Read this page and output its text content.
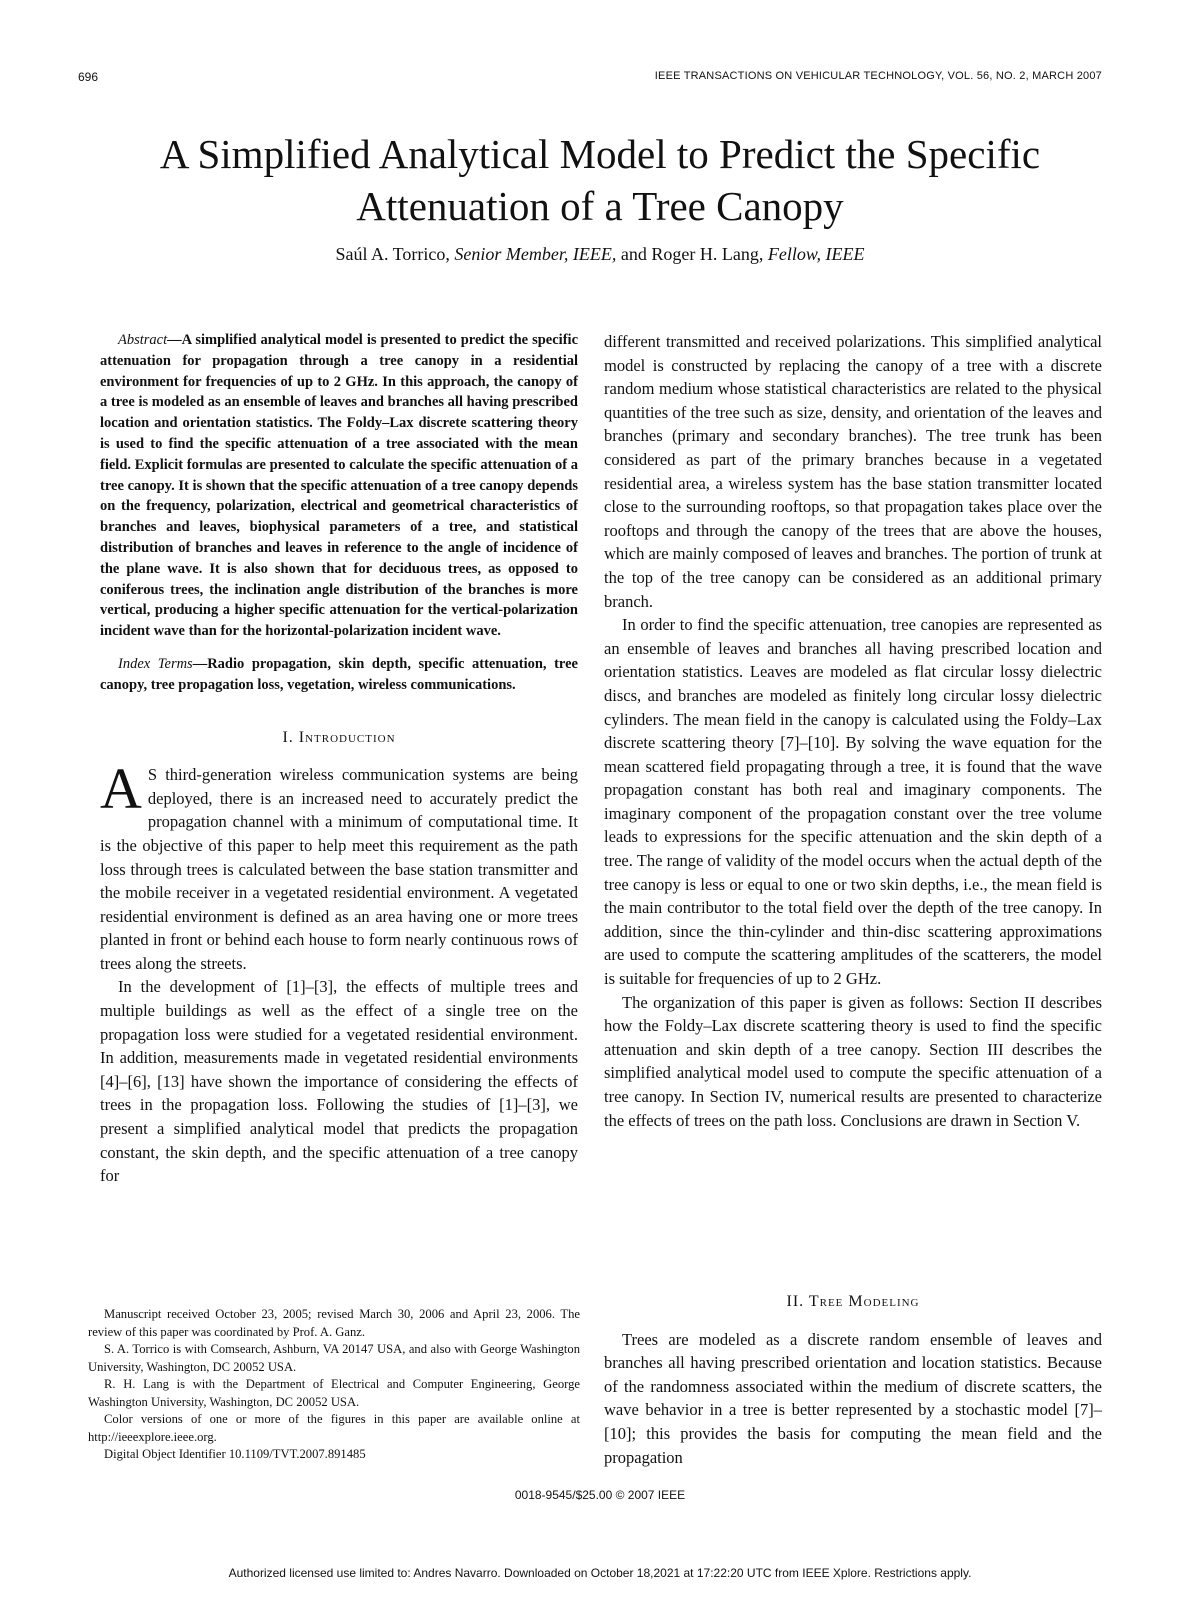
696	IEEE TRANSACTIONS ON VEHICULAR TECHNOLOGY, VOL. 56, NO. 2, MARCH 2007
A Simplified Analytical Model to Predict the Specific
Attenuation of a Tree Canopy
Saúl A. Torrico, Senior Member, IEEE, and Roger H. Lang, Fellow, IEEE

Abstract—A simplified analytical model is presented to predict the specific attenuation for propagation through a tree canopy in a residential environment for frequencies of up to 2 GHz. In this approach, the canopy of a tree is modeled as an ensemble of leaves and branches all having prescribed location and orientation statistics. The Foldy–Lax discrete scattering theory is used to find the specific attenuation of a tree associated with the mean field. Explicit formulas are presented to calculate the specific attenuation of a tree canopy. It is shown that the specific attenuation of a tree canopy depends on the frequency, polarization, electrical and geometrical characteristics of branches and leaves, biophysical parameters of a tree, and statistical distribution of branches and leaves in reference to the angle of incidence of the plane wave. It is also shown that for deciduous trees, as opposed to coniferous trees, the inclination angle distribution of the branches is more vertical, producing a higher specific attenuation for the vertical-polarization incident wave than for the horizontal-polarization incident wave.

Index Terms—Radio propagation, skin depth, specific attenuation, tree canopy, tree propagation loss, vegetation, wireless communications.

I. Introduction

A S third-generation wireless communication systems are being deployed, there is an increased need to accurately predict the propagation channel with a minimum of computational time. It is the objective of this paper to help meet this requirement as the path loss through trees is calculated between the base station transmitter and the mobile receiver in a vegetated residential environment. A vegetated residential environment is defined as an area having one or more trees planted in front or behind each house to form nearly continuous rows of trees along the streets.

In the development of [1]–[3], the effects of multiple trees and multiple buildings as well as the effect of a single tree on the propagation loss were studied for a vegetated residential environment. In addition, measurements made in vegetated residential environments [4]–[6], [13] have shown the importance of considering the effects of trees in the propagation loss. Following the studies of [1]–[3], we present a simplified analytical model that predicts the propagation constant, the skin depth, and the specific attenuation of a tree canopy for

different transmitted and received polarizations. This simplified analytical model is constructed by replacing the canopy of a tree with a discrete random medium whose statistical characteristics are related to the physical quantities of the tree such as size, density, and orientation of the leaves and branches (primary and secondary branches). The tree trunk has been considered as part of the primary branches because in a vegetated residential area, a wireless system has the base station transmitter located close to the surrounding rooftops, so that propagation takes place over the rooftops and through the canopy of the trees that are above the houses, which are mainly composed of leaves and branches. The portion of trunk at the top of the tree canopy can be considered as an additional primary branch.

In order to find the specific attenuation, tree canopies are represented as an ensemble of leaves and branches all having prescribed location and orientation statistics. Leaves are modeled as flat circular lossy dielectric discs, and branches are modeled as finitely long circular lossy dielectric cylinders. The mean field in the canopy is calculated using the Foldy–Lax discrete scattering theory [7]–[10]. By solving the wave equation for the mean scattered field propagating through a tree, it is found that the wave propagation constant has both real and imaginary components. The imaginary component of the propagation constant over the tree volume leads to expressions for the specific attenuation and the skin depth of a tree. The range of validity of the model occurs when the actual depth of the tree canopy is less or equal to one or two skin depths, i.e., the mean field is the main contributor to the total field over the depth of the tree canopy. In addition, since the thin-cylinder and thin-disc scattering approximations are used to compute the scattering amplitudes of the scatterers, the model is suitable for frequencies of up to 2 GHz.

The organization of this paper is given as follows: Section II describes how the Foldy–Lax discrete scattering theory is used to find the specific attenuation and skin depth of a tree canopy. Section III describes the simplified analytical model used to compute the specific attenuation of a tree canopy. In Section IV, numerical results are presented to characterize the effects of trees on the path loss. Conclusions are drawn in Section V.

II. Tree Modeling

Trees are modeled as a discrete random ensemble of leaves and branches all having prescribed orientation and location statistics. Because of the randomness associated within the medium of discrete scatters, the wave behavior in a tree is better represented by a stochastic model [7]–[10]; this provides the basis for computing the mean field and the propagation

Manuscript received October 23, 2005; revised March 30, 2006 and April 23, 2006. The review of this paper was coordinated by Prof. A. Ganz.

S. A. Torrico is with Comsearch, Ashburn, VA 20147 USA, and also with George Washington University, Washington, DC 20052 USA.

R. H. Lang is with the Department of Electrical and Computer Engineering, George Washington University, Washington, DC 20052 USA.

Color versions of one or more of the figures in this paper are available online at http://ieeexplore.ieee.org.

Digital Object Identifier 10.1109/TVT.2007.891485

0018-9545/$25.00 © 2007 IEEE
Authorized licensed use limited to: Andres Navarro. Downloaded on October 18,2021 at 17:22:20 UTC from IEEE Xplore. Restrictions apply.
